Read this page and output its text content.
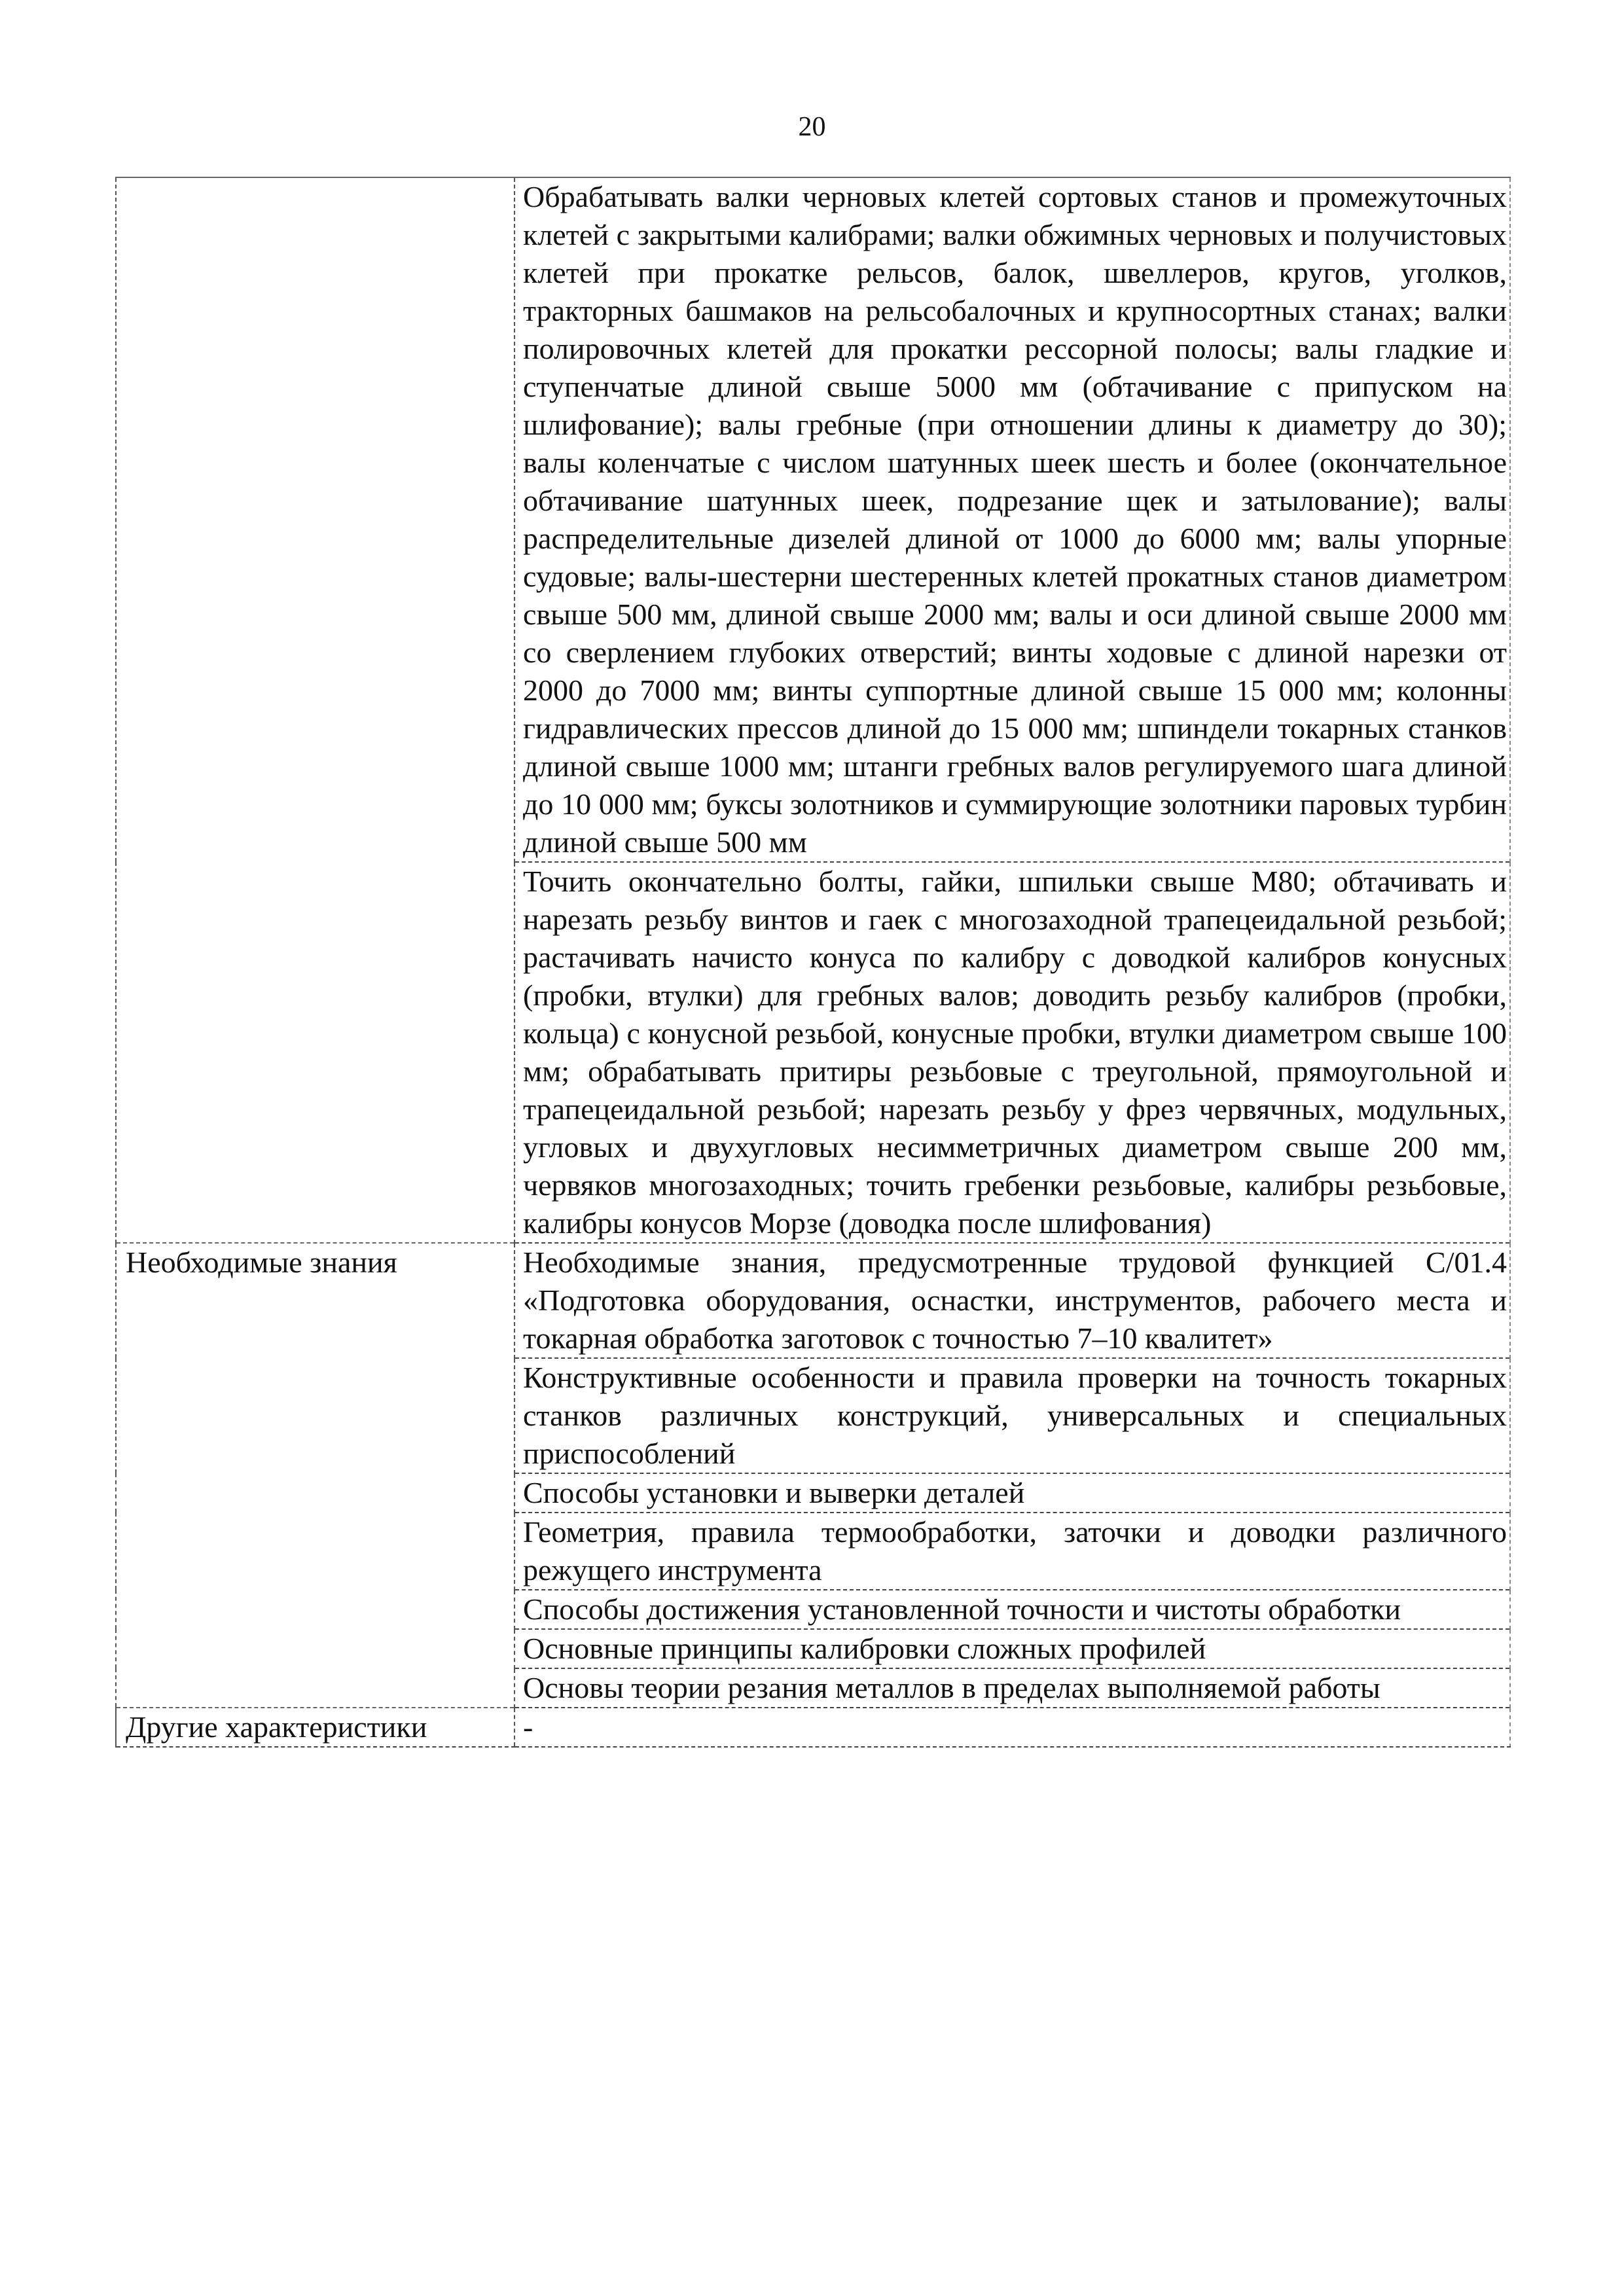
20
	Обрабатывать валки черновых клетей сортовых станов и промежуточных клетей с закрытыми калибрами; валки обжимных черновых и получистовых клетей при прокатке рельсов, балок, швеллеров, кругов, уголков, тракторных башмаков на рельсобалочных и крупносортных станах; валки полировочных клетей для прокатки рессорной полосы; валы гладкие и ступенчатые длиной свыше 5000 мм (обтачивание с припуском на шлифование); валы гребные (при отношении длины к диаметру до 30); валы коленчатые с числом шатунных шеек шесть и более (окончательное обтачивание шатунных шеек, подрезание щек и затылование); валы распределительные дизелей длиной от 1000 до 6000 мм; валы упорные судовые; валы-шестерни шестеренных клетей прокатных станов диаметром свыше 500 мм, длиной свыше 2000 мм; валы и оси длиной свыше 2000 мм со сверлением глубоких отверстий; винты ходовые с длиной нарезки от 2000 до 7000 мм; винты суппортные длиной свыше 15 000 мм; колонны гидравлических прессов длиной до 15 000 мм; шпиндели токарных станков длиной свыше 1000 мм; штанги гребных валов регулируемого шага длиной до 10 000 мм; буксы золотников и суммирующие золотники паровых турбин длиной свыше 500 мм
	Точить окончательно болты, гайки, шпильки свыше М80; обтачивать и нарезать резьбу винтов и гаек с многозаходной трапецеидальной резьбой; растачивать начисто конуса по калибру с доводкой калибров конусных (пробки, втулки) для гребных валов; доводить резьбу калибров (пробки, кольца) с конусной резьбой, конусные пробки, втулки диаметром свыше 100 мм; обрабатывать притиры резьбовые с треугольной, прямоугольной и трапецеидальной резьбой; нарезать резьбу у фрез червячных, модульных, угловых и двухугловых несимметричных диаметром свыше 200 мм, червяков многозаходных; точить гребенки резьбовые, калибры резьбовые, калибры конусов Морзе (доводка после шлифования)
Необходимые знания	Необходимые знания, предусмотренные трудовой функцией C/01.4 «Подготовка оборудования, оснастки, инструментов, рабочего места и токарная обработка заготовок с точностью 7–10 квалитет»
	Конструктивные особенности и правила проверки на точность токарных станков различных конструкций, универсальных и специальных приспособлений
	Способы установки и выверки деталей
	Геометрия, правила термообработки, заточки и доводки различного режущего инструмента
	Способы достижения установленной точности и чистоты обработки
	Основные принципы калибровки сложных профилей
	Основы теории резания металлов в пределах выполняемой работы
Другие характеристики	-
